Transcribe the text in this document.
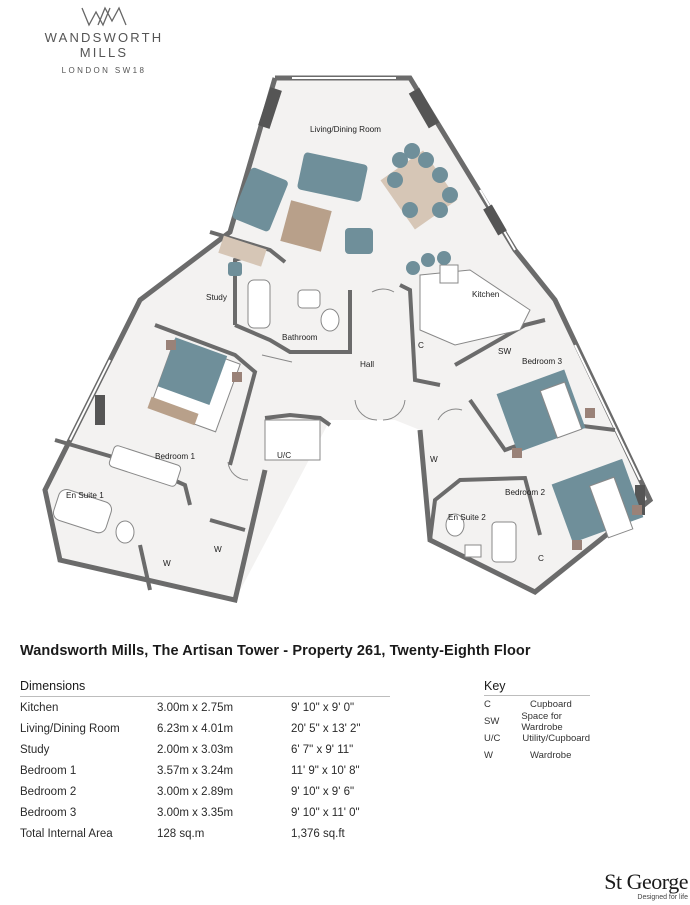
WANDSWORTH MILLS
LONDON SW18
Living/Dining Room
Study
Bathroom
Kitchen
Hall
Bedroom 1
En Suite 1
Bedroom 3
Bedroom 2
En Suite 2
C
SW
U/C	W
W
W
C
Wandsworth Mills, The Artisan Tower - Property 261, Twenty-Eighth Floor
Dimensions
Kitchen	3.00m x 2.75m	9' 10" x 9' 0"
Living/Dining Room	6.23m x 4.01m	20' 5" x 13' 2"
Study	2.00m x 3.03m	6' 7" x 9' 11"
Bedroom 1	3.57m x 3.24m	11' 9" x 10' 8"
Bedroom 2	3.00m x 2.89m	9' 10" x 9' 6"
Bedroom 3	3.00m x 3.35m	9' 10" x 11' 0"
Total Internal Area	128 sq.m	1,376 sq.ft
Key
C	Cupboard
SW	Space for Wardrobe
U/C	Utility/Cupboard
W	Wardrobe
St George
Designed for life
